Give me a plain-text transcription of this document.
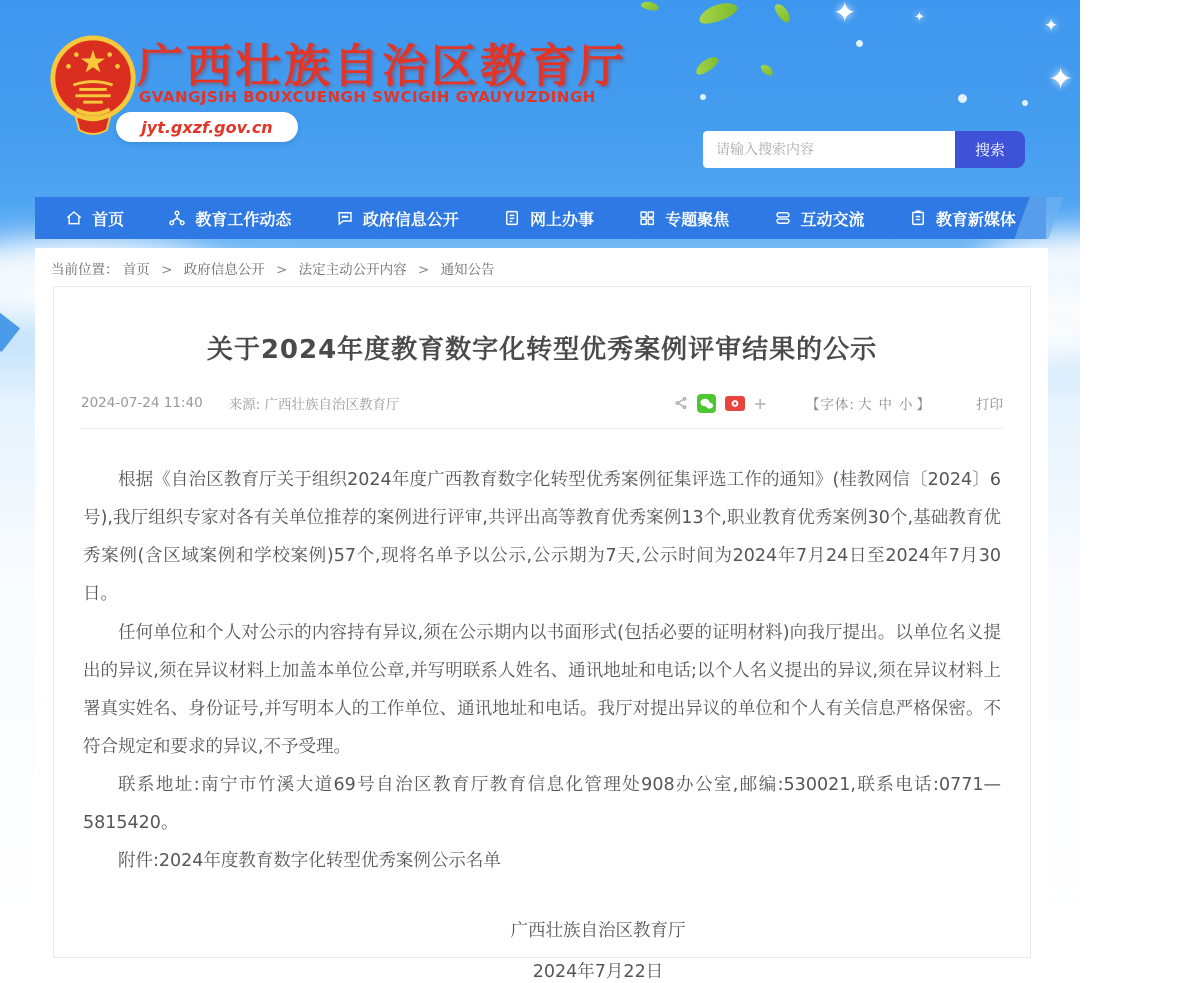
✦	✦	✦
✦
广西壮族自治区教育厅
GVANGJSIH BOUXCUENGH SWCIGIH GYAUYUZDINGH
jyt.gxzf.gov.cn
请输入搜索内容
搜索
首页	教育工作动态	政府信息公开	网上办事	专题聚焦	互动交流	教育新媒体
当前位置： 首页 > 政府信息公开 > 法定主动公开内容 > 通知公告
关于2024年度教育数字化转型优秀案例评审结果的公示
2024-07-24 11:40 来源: 广西壮族自治区教育厅	+	【字体: 大 中 小 】	打印

根据《自治区教育厅关于组织2024年度广西教育数字化转型优秀案例征集评选工作的通知》(桂教网信〔2024〕6号),我厅组织专家对各有关单位推荐的案例进行评审,共评出高等教育优秀案例13个,职业教育优秀案例30个,基础教育优秀案例(含区域案例和学校案例)57个,现将名单予以公示,公示期为7天,公示时间为2024年7月24日至2024年7月30日。

任何单位和个人对公示的内容持有异议,须在公示期内以书面形式(包括必要的证明材料)向我厅提出。以单位名义提出的异议,须在异议材料上加盖本单位公章,并写明联系人姓名、通讯地址和电话;以个人名义提出的异议,须在异议材料上署真实姓名、身份证号,并写明本人的工作单位、通讯地址和电话。我厅对提出异议的单位和个人有关信息严格保密。不符合规定和要求的异议,不予受理。

联系地址:南宁市竹溪大道69号自治区教育厅教育信息化管理处908办公室,邮编:530021,联系电话:0771—5815420。

附件:2024年度教育数字化转型优秀案例公示名单

广西壮族自治区教育厅
2024年7月22日
